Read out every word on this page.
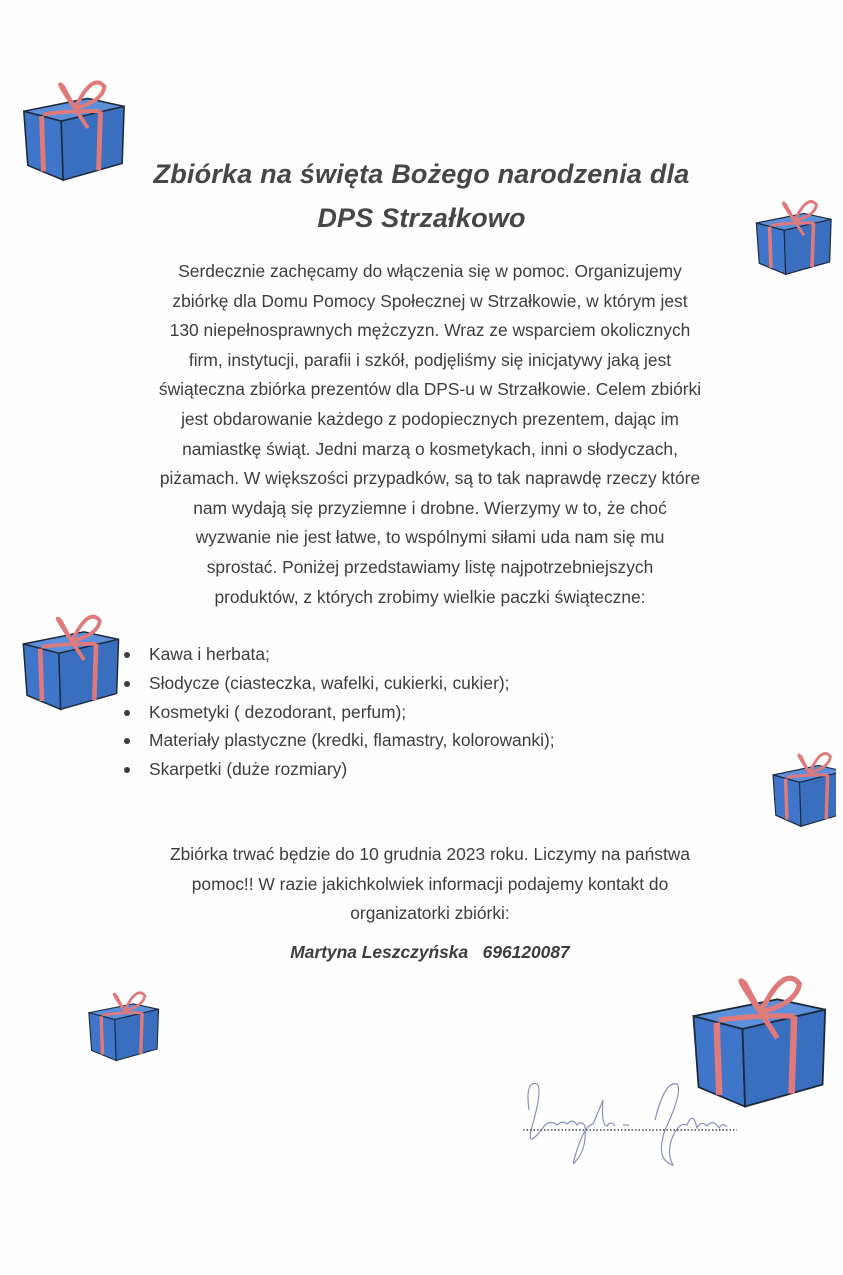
Zbiórka na święta Bożego narodzenia dla
DPS Strzałkowo
Serdecznie zachęcamy do włączenia się w pomoc. Organizujemy
zbiórkę dla Domu Pomocy Społecznej w Strzałkowie, w którym jest
130 niepełnosprawnych mężczyzn. Wraz ze wsparciem okolicznych
firm, instytucji, parafii i szkół, podjęliśmy się inicjatywy jaką jest
świąteczna zbiórka prezentów dla DPS-u w Strzałkowie. Celem zbiórki
jest obdarowanie każdego z podopiecznych prezentem, dając im
namiastkę świąt. Jedni marzą o kosmetykach, inni o słodyczach,
piżamach. W większości przypadków, są to tak naprawdę rzeczy które
nam wydają się przyziemne i drobne. Wierzymy w to, że choć
wyzwanie nie jest łatwe, to wspólnymi siłami uda nam się mu
sprostać. Poniżej przedstawiamy listę najpotrzebniejszych
produktów, z których zrobimy wielkie paczki świąteczne:
Kawa i herbata;
Słodycze (ciasteczka, wafelki, cukierki, cukier);
Kosmetyki ( dezodorant, perfum);
Materiały plastyczne (kredki, flamastry, kolorowanki);
Skarpetki (duże rozmiary)
Zbiórka trwać będzie do 10 grudnia 2023 roku. Liczymy na państwa
pomoc!! W razie jakichkolwiek informacji podajemy kontakt do
organizatorki zbiórki:
Martyna Leszczyńska 696120087
